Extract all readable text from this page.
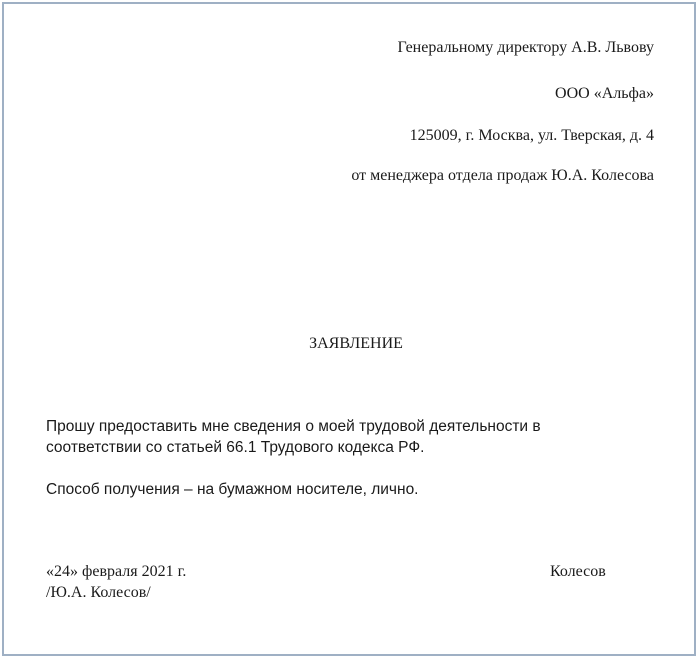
Генеральному директору А.В. Львову
ООО «Альфа»
125009, г. Москва, ул. Тверская, д. 4
от менеджера отдела продаж Ю.А. Колесова
ЗАЯВЛЕНИЕ
Прошу предоставить мне сведения о моей трудовой деятельности в
соответствии со статьей 66.1 Трудового кодекса РФ.
Способ получения – на бумажном носителе, лично.
«24» февраля 2021 г.	Колесов
/Ю.А. Колесов/
